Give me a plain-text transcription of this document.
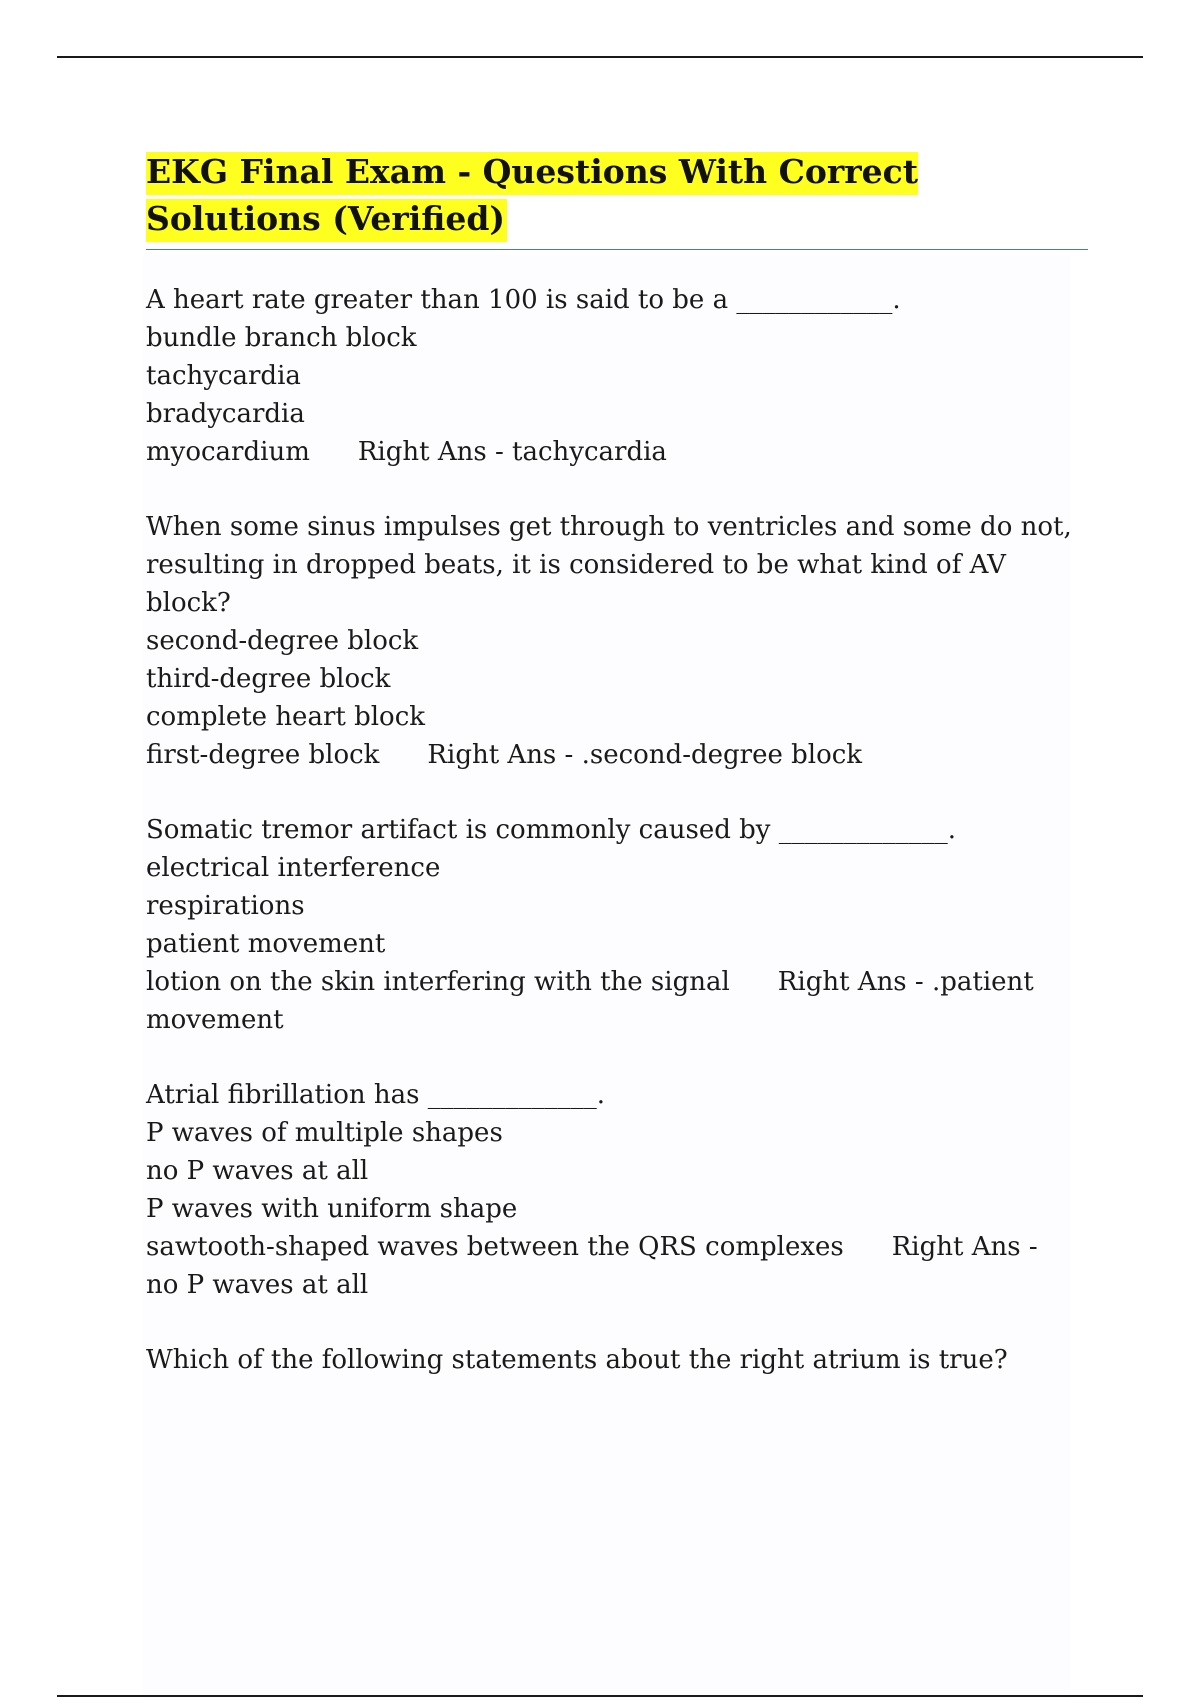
EKG Final Exam - Questions With Correct Solutions (Verified)
A heart rate greater than 100 is said to be a ____________.
bundle branch block
tachycardia
bradycardia
myocardium Right Ans - tachycardia
When some sinus impulses get through to ventricles and some do not, resulting in dropped beats, it is considered to be what kind of AV block?
second-degree block
third-degree block
complete heart block
first-degree block Right Ans - .second-degree block
Somatic tremor artifact is commonly caused by _____________.
electrical interference
respirations
patient movement
lotion on the skin interfering with the signal Right Ans - .patient movement
Atrial fibrillation has _____________.
P waves of multiple shapes
no P waves at all
P waves with uniform shape
sawtooth-shaped waves between the QRS complexes Right Ans - no P waves at all
Which of the following statements about the right atrium is true?
